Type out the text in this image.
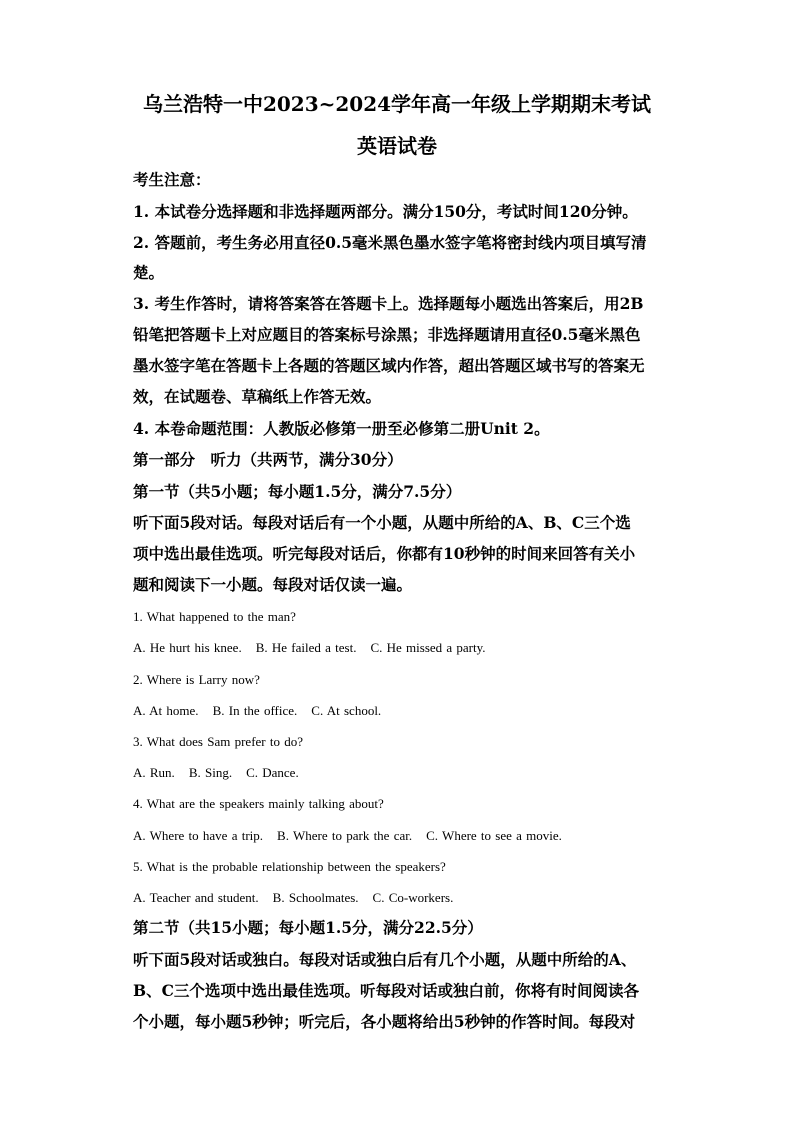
乌兰浩特一中2023~2024学年高一年级上学期期末考试
英语试卷
考生注意：
1. 本试卷分选择题和非选择题两部分。满分150分，考试时间120分钟。
2. 答题前，考生务必用直径0.5毫米黑色墨水签字笔将密封线内项目填写清
楚。
3. 考生作答时，请将答案答在答题卡上。选择题每小题选出答案后，用2B
铅笔把答题卡上对应题目的答案标号涂黑；非选择题请用直径0.5毫米黑色
墨水签字笔在答题卡上各题的答题区域内作答，超出答题区域书写的答案无
效，在试题卷、草稿纸上作答无效。
4. 本卷命题范围：人教版必修第一册至必修第二册Unit 2。
第一部分　听力（共两节，满分30分）
第一节（共5小题；每小题1.5分，满分7.5分）
听下面5段对话。每段对话后有一个小题，从题中所给的A、B、C三个选
项中选出最佳选项。听完每段对话后，你都有10秒钟的时间来回答有关小
题和阅读下一小题。每段对话仅读一遍。
1. What happened to the man?
A. He hurt his knee. B. He failed a test. C. He missed a party.
2. Where is Larry now?
A. At home. B. In the office. C. At school.
3. What does Sam prefer to do?
A. Run. B. Sing. C. Dance.
4. What are the speakers mainly talking about?
A. Where to have a trip. B. Where to park the car. C. Where to see a movie.
5. What is the probable relationship between the speakers?
A. Teacher and student. B. Schoolmates. C. Co-workers.
第二节（共15小题；每小题1.5分，满分22.5分）
听下面5段对话或独白。每段对话或独白后有几个小题，从题中所给的A、
B、C三个选项中选出最佳选项。听每段对话或独白前，你将有时间阅读各
个小题，每小题5秒钟；听完后，各小题将给出5秒钟的作答时间。每段对
